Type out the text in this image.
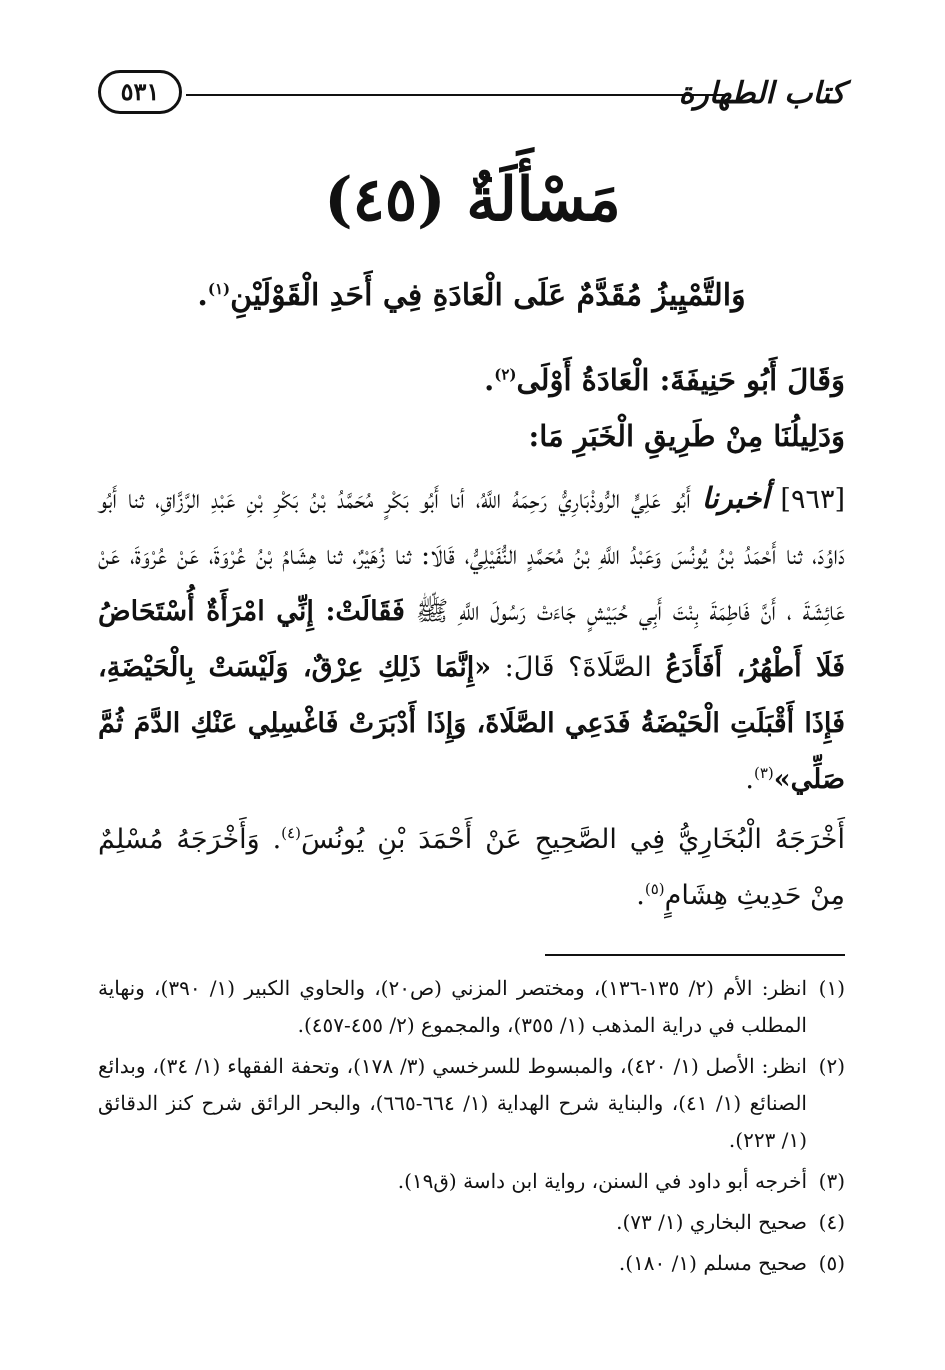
كتاب الطهارة
٥٣١
مَسْأَلَةٌ (٤٥)

وَالتَّمْيِيزُ مُقَدَّمٌ عَلَى الْعَادَةِ فِي أَحَدِ الْقَوْلَيْنِ$^{(١)}$.

وَقَالَ أَبُو حَنِيفَةَ: الْعَادَةُ أَوْلَى$^{(٢)}$.

وَدَلِيلُنَا مِنْ طَرِيقِ الْخَبَرِ مَا:

[٩٦٣] أخبرنا أَبُو عَلِيٍّ الرُّوذْبَارِيُّ رَحِمَهُ اللَّهُ، أنا أَبُو بَكْرٍ مُحَمَّدُ بْنُ بَكْرِ بْنِ عَبْدِ الرَّزَّاقِ، ثنا أَبُو دَاوُدَ، ثنا أَحْمَدُ بْنُ يُونُسَ وَعَبْدُ اللَّهِ بْنُ مُحَمَّدٍ النُّفَيْلِيُّ، قَالَا: ثنا زُهَيْرٌ، ثنا هِشَامُ بْنُ عُرْوَةَ، عَنْ عُرْوَةَ، عَنْ عَائِشَةَ ، أَنَّ فَاطِمَةَ بِنْتَ أَبِي حُبَيْشٍ جَاءَتْ رَسُولَ اللَّهِ ﷺ فَقَالَتْ: إِنِّي امْرَأَةٌ أُسْتَحَاضُ فَلَا أَطْهُرُ، أَفَأَدَعُ الصَّلَاةَ؟ قَالَ: «إِنَّمَا ذَلِكِ عِرْقٌ، وَلَيْسَتْ بِالْحَيْضَةِ، فَإِذَا أَقْبَلَتِ الْحَيْضَةُ فَدَعِي الصَّلَاةَ، وَإِذَا أَدْبَرَتْ فَاغْسِلِي عَنْكِ الدَّمَ ثُمَّ صَلِّي»$^{(٣)}$.

أَخْرَجَهُ الْبُخَارِيُّ فِي الصَّحِيحِ عَنْ أَحْمَدَ بْنِ يُونُسَ$^{(٤)}$. وَأَخْرَجَهُ مُسْلِمٌ مِنْ حَدِيثِ هِشَامٍ$^{(٥)}$.

(١)
انظر: الأم (٢/ ١٣٥-١٣٦)، ومختصر المزني (ص٢٠)، والحاوي الكبير (١/ ٣٩٠)، ونهاية المطلب في دراية المذهب (١/ ٣٥٥)، والمجموع (٢/ ٤٥٥-٤٥٧).
(٢)
انظر: الأصل (١/ ٤٢٠)، والمبسوط للسرخسي (٣/ ١٧٨)، وتحفة الفقهاء (١/ ٣٤)، وبدائع الصنائع (١/ ٤١)، والبناية شرح الهداية (١/ ٦٦٤-٦٦٥)، والبحر الرائق شرح كنز الدقائق (١/ ٢٢٣).
(٣)
أخرجه أبو داود في السنن، رواية ابن داسة (ق١٩).
(٤)
صحيح البخاري (١/ ٧٣).
(٥)
صحيح مسلم (١/ ١٨٠).
